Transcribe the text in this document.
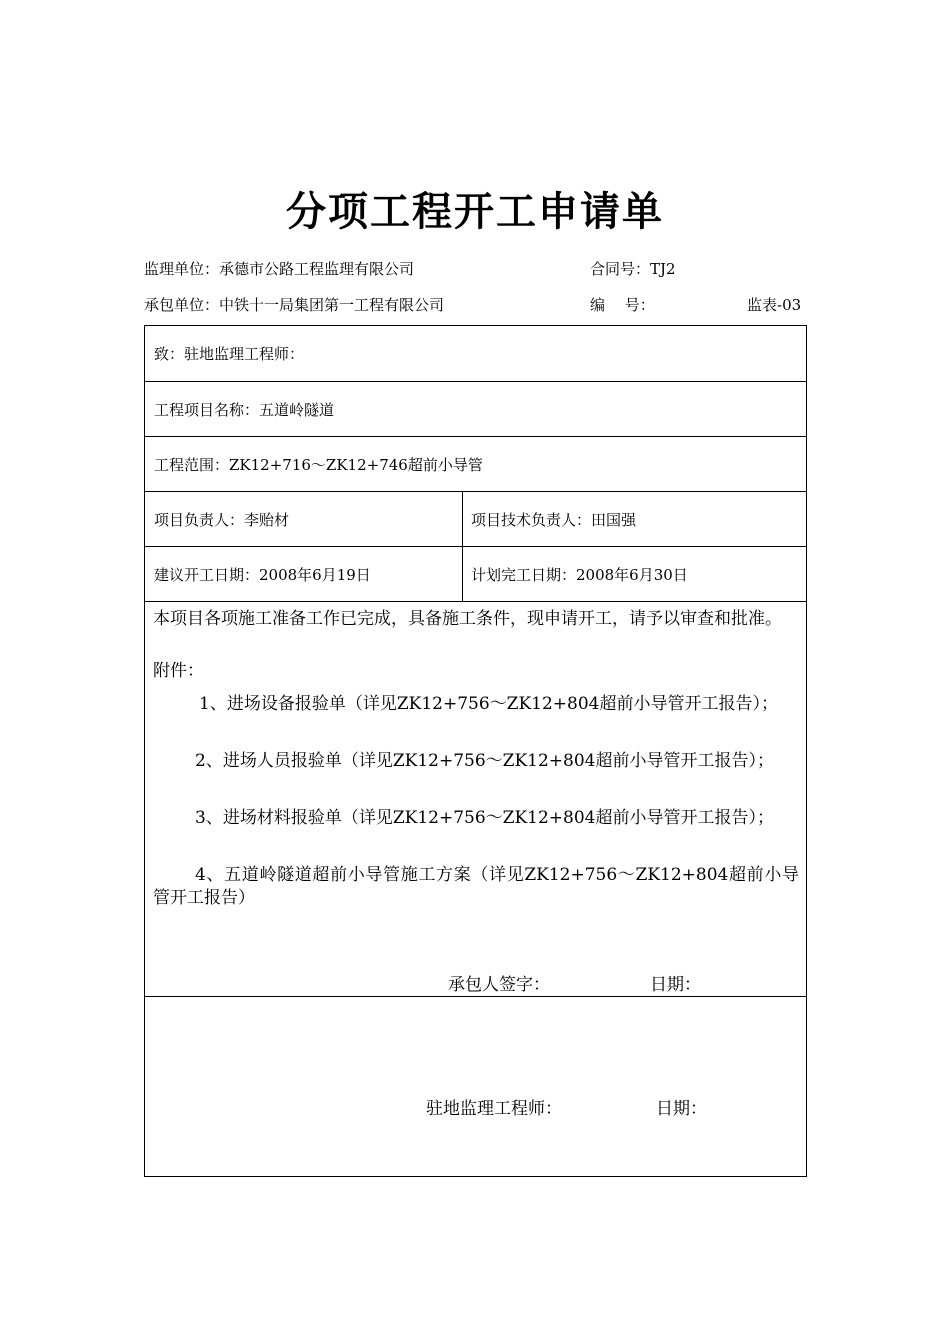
分项工程开工申请单
监理单位：承德市公路工程监理有限公司	合同号：TJ2
承包单位：中铁十一局集团第一工程有限公司	编　 号：	监表-03
致：驻地监理工程师：
工程项目名称：五道岭隧道
工程范围：ZK12+716～ZK12+746超前小导管
项目负责人：李贻材	项目技术负责人：田国强
建议开工日期：2008年6月19日	计划完工日期：2008年6月30日
本项目各项施工准备工作已完成，具备施工条件，现申请开工，请予以审查和批准。
附件：
1、进场设备报验单（详见ZK12+756～ZK12+804超前小导管开工报告）；
2、进场人员报验单（详见ZK12+756～ZK12+804超前小导管开工报告）；
3、进场材料报验单（详见ZK12+756～ZK12+804超前小导管开工报告）；
4、五道岭隧道超前小导管施工方案（详见ZK12+756～ZK12+804超前小导管开工报告）
承包人签字：	日期：
驻地监理工程师：	日期：
